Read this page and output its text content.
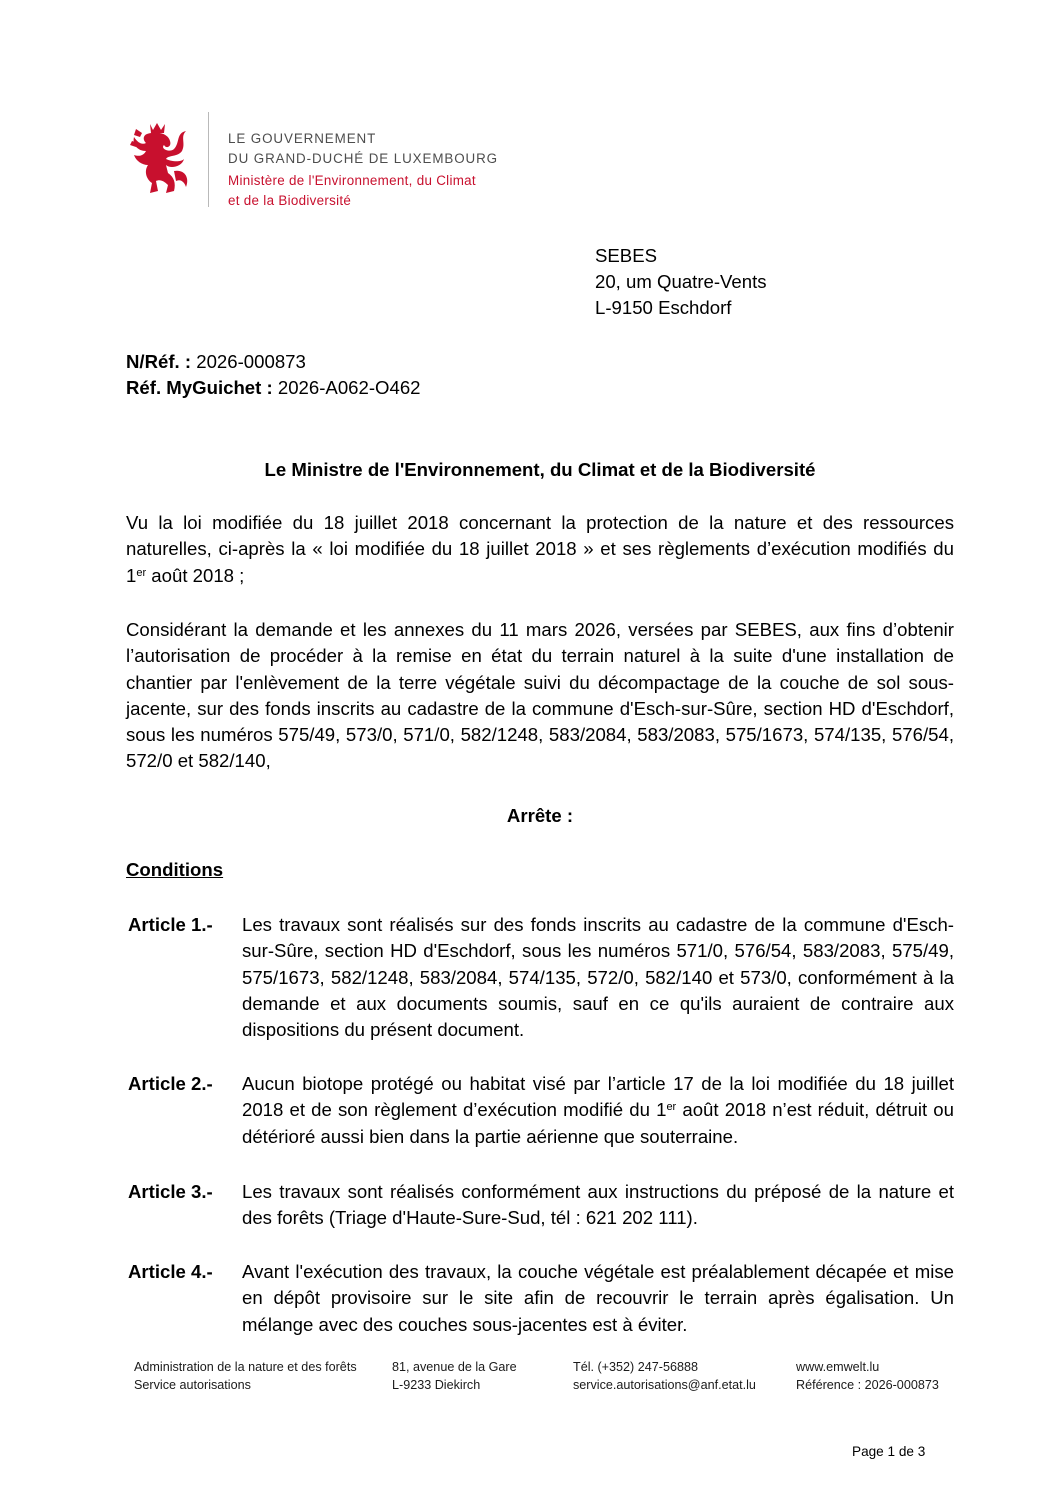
LE GOUVERNEMENT
DU GRAND-DUCHÉ DE LUXEMBOURG
Ministère de l'Environnement, du Climat
et de la Biodiversité
SEBES
20, um Quatre-Vents
L-9150 Eschdorf
N/Réf. : 2026-000873
Réf. MyGuichet : 2026-A062-O462
Le Ministre de l'Environnement, du Climat et de la Biodiversité
Vu la loi modifiée du 18 juillet 2018 concernant la protection de la nature et des ressources naturelles, ci-après la « loi modifiée du 18 juillet 2018 » et ses règlements d’exécution modifiés du 1er août 2018 ;
Considérant la demande et les annexes du 11 mars 2026, versées par SEBES, aux fins d’obtenir l’autorisation de procéder à la remise en état du terrain naturel à la suite d'une installation de chantier par l'enlèvement de la terre végétale suivi du décompactage de la couche de sol sous-jacente, sur des fonds inscrits au cadastre de la commune d'Esch-sur-Sûre, section HD d'Eschdorf, sous les numéros 575/49, 573/0, 571/0, 582/1248, 583/2084, 583/2083, 575/1673, 574/135, 576/54, 572/0 et 582/140,
Arrête :
Conditions
Article 1.- Les travaux sont réalisés sur des fonds inscrits au cadastre de la commune d'Esch-sur-Sûre, section HD d'Eschdorf, sous les numéros 571/0, 576/54, 583/2083, 575/49, 575/1673, 582/1248, 583/2084, 574/135, 572/0, 582/140 et 573/0, conformément à la demande et aux documents soumis, sauf en ce qu'ils auraient de contraire aux dispositions du présent document.
Article 2.- Aucun biotope protégé ou habitat visé par l’article 17 de la loi modifiée du 18 juillet 2018 et de son règlement d’exécution modifié du 1er août 2018 n’est réduit, détruit ou détérioré aussi bien dans la partie aérienne que souterraine.
Article 3.- Les travaux sont réalisés conformément aux instructions du préposé de la nature et des forêts (Triage d'Haute-Sure-Sud, tél : 621 202 111).
Article 4.- Avant l'exécution des travaux, la couche végétale est préalablement décapée et mise en dépôt provisoire sur le site afin de recouvrir le terrain après égalisation. Un mélange avec des couches sous-jacentes est à éviter.
Administration de la nature et des forêts
Service autorisations
81, avenue de la Gare
L-9233 Diekirch
Tél. (+352) 247-56888
service.autorisations@anf.etat.lu
www.emwelt.lu
Référence : 2026-000873
Page 1 de 3
